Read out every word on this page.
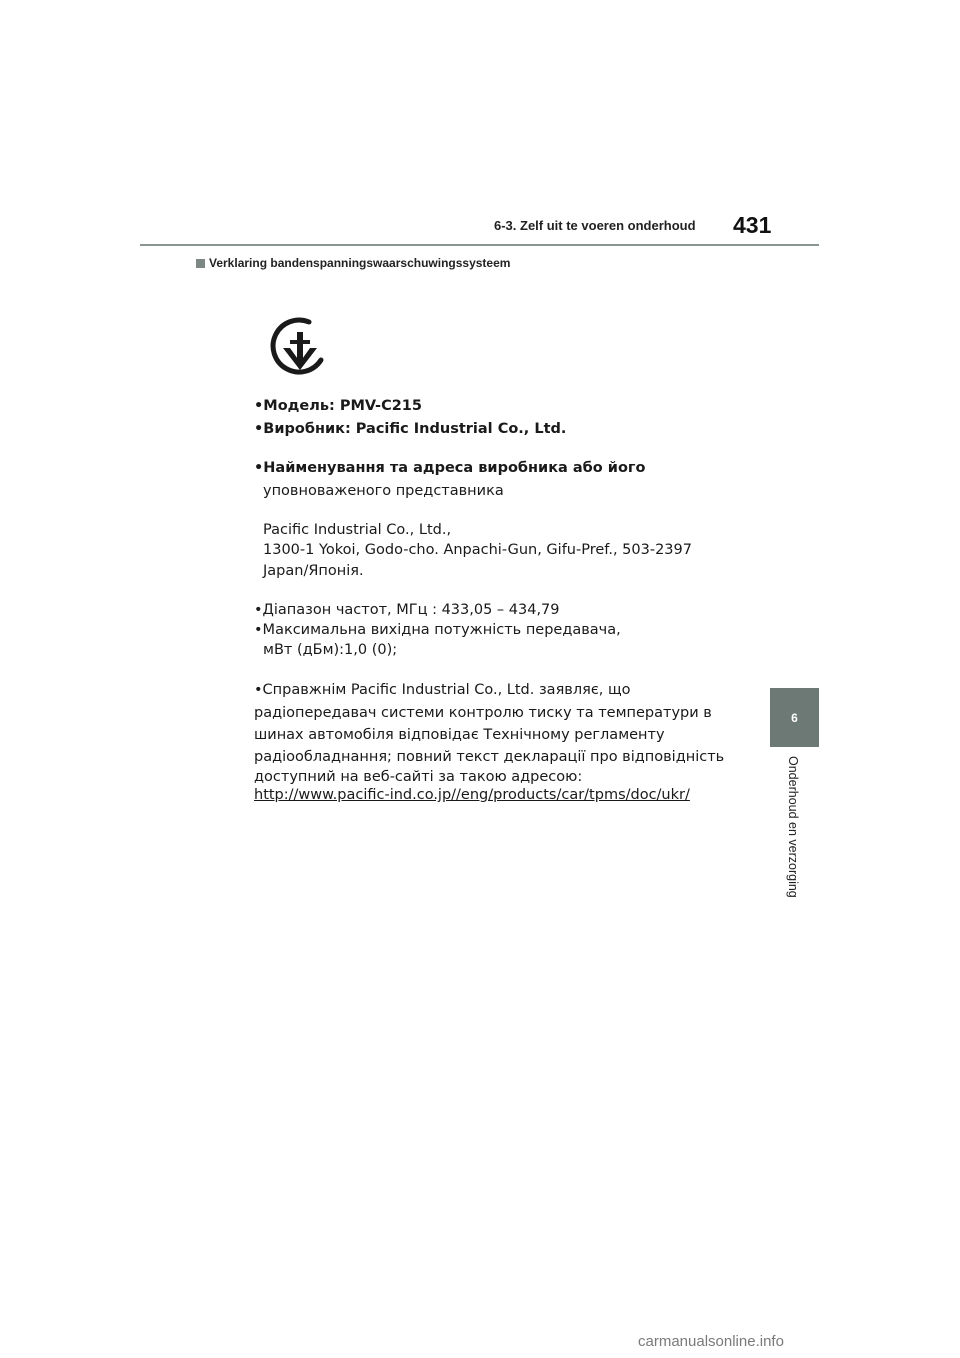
6-3. Zelf uit te voeren onderhoud 431
Verklaring bandenspanningswaarschuwingssysteem
6
Onderhoud en verzorging
•Модель: PMV-C215
•Виробник: Pacific Industrial Co., Ltd.
•Найменування та адреса виробника або його
уповноваженого представника
Pacific Industrial Co., Ltd.,
1300-1 Yokoi, Godo-cho. Anpachi-Gun, Gifu-Pref., 503-2397
Japan/Японія.
•Діапазон частот, МГц : 433,05 – 434,79
•Максимальна вихідна потужність передавача,
мВт (дБм):1,0 (0);
•Справжнім Pacific Industrial Co., Ltd. заявляє, що
радіопередавач системи контролю тиску та температури в
шинах автомобіля відповідає Технічному регламенту
радіообладнання; повний текст декларації про відповідність
доступний на веб-сайті за такою адресою:
http://www.pacific-ind.co.jp//eng/products/car/tpms/doc/ukr/
carmanualsonline.info
